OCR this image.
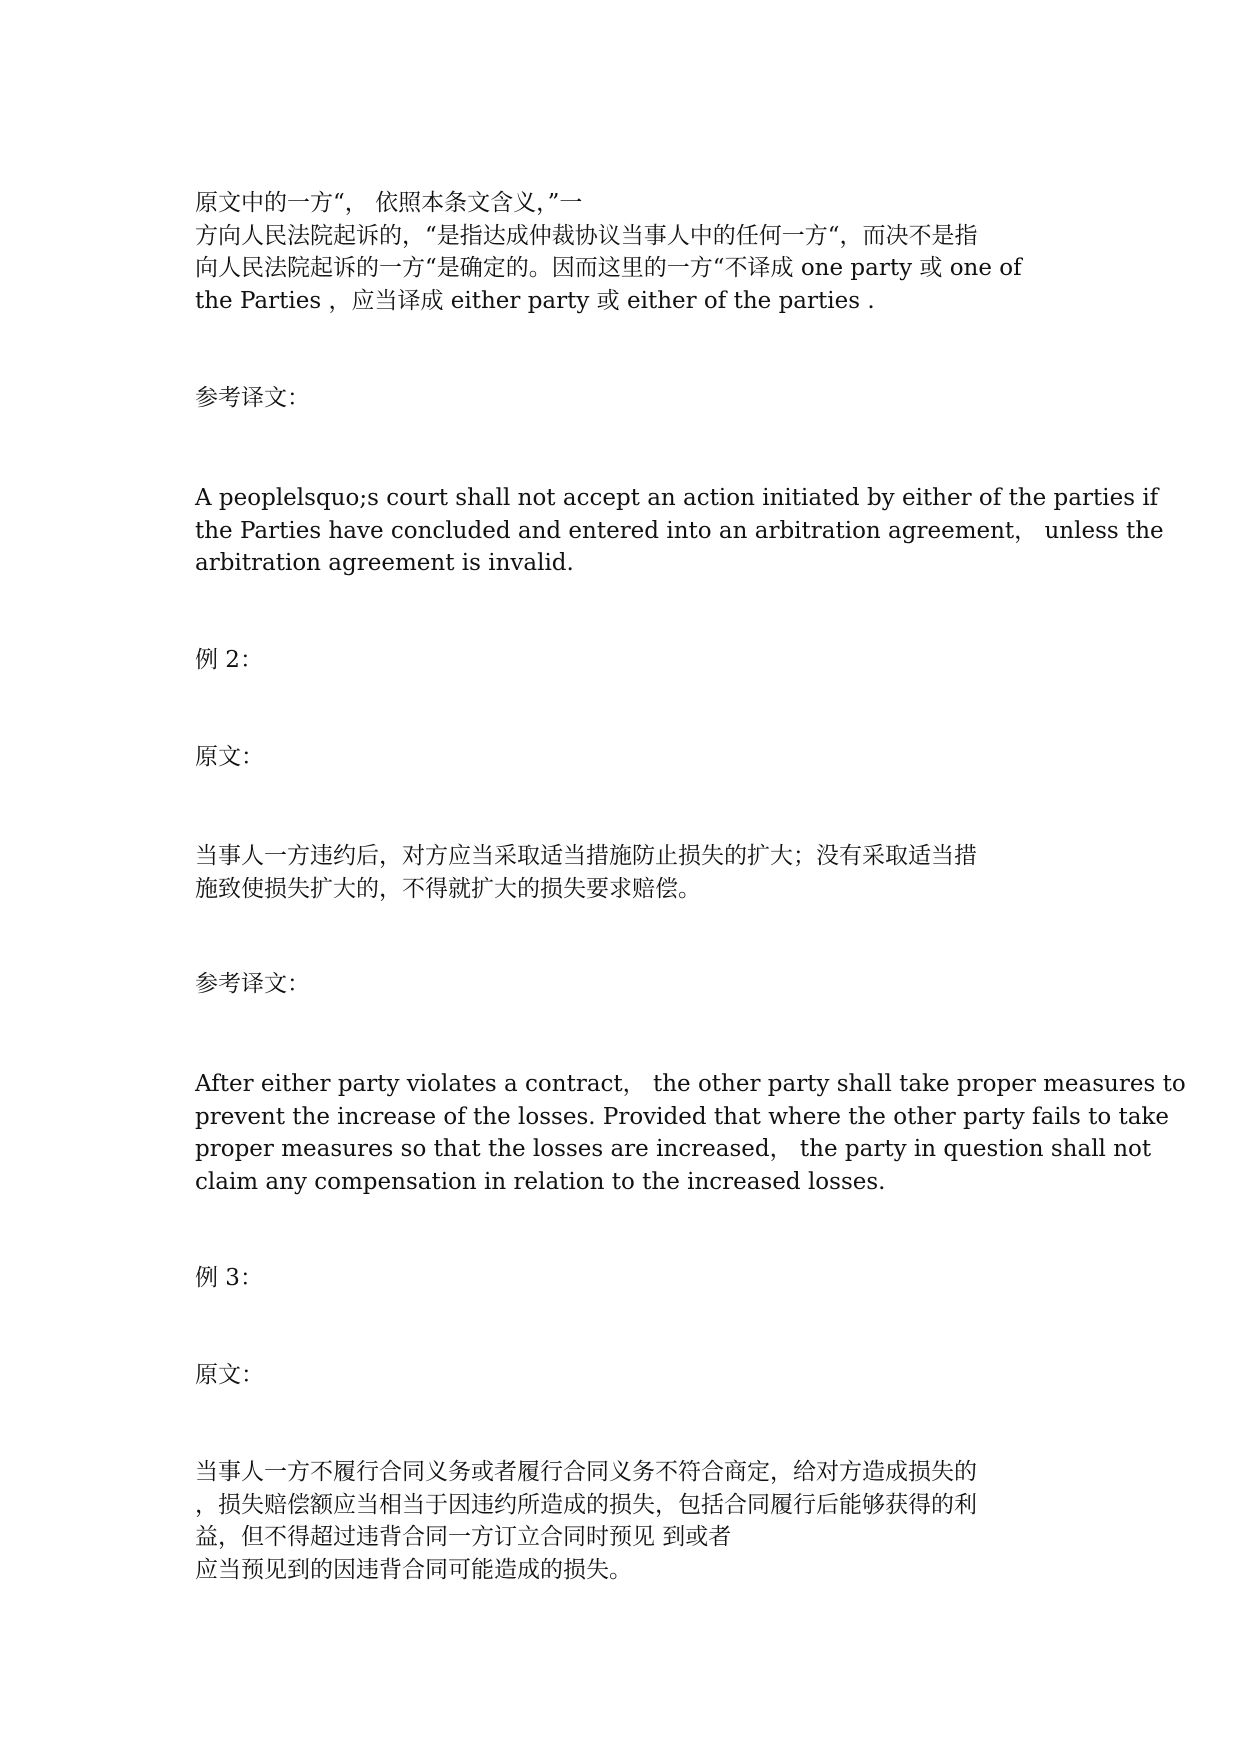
原文中的一方“， 依照本条文含义，”一
方向人民法院起诉的，“是指达成仲裁协议当事人中的任何一方“，而决不是指
向人民法院起诉的一方“是确定的。因而这里的一方“不译成 one party 或 one of
the Parties ，应当译成 either party 或 either of the parties .

参考译文：

A peoplelsquo;s court shall not accept an action initiated by either of the parties if
the Parties have concluded and entered into an arbitration agreement， unless the
arbitration agreement is invalid.

例 2：

原文：

当事人一方违约后，对方应当采取适当措施防止损失的扩大；没有采取适当措
施致使损失扩大的，不得就扩大的损失要求赔偿。

参考译文：

After either party violates a contract， the other party shall take proper measures to
prevent the increase of the losses. Provided that where the other party fails to take
proper measures so that the losses are increased， the party in question shall not
claim any compensation in relation to the increased losses.

例 3：

原文：

当事人一方不履行合同义务或者履行合同义务不符合商定，给对方造成损失的
，损失赔偿额应当相当于因违约所造成的损失，包括合同履行后能够获得的利
益，但不得超过违背合同一方订立合同时预见 到或者
应当预见到的因违背合同可能造成的损失。
